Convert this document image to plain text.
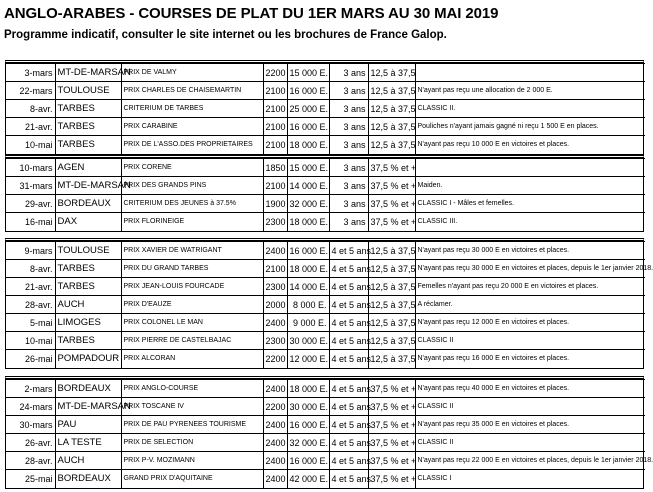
ANGLO-ARABES - COURSES DE PLAT DU 1ER MARS AU 30 MAI 2019
Programme indicatif, consulter le site internet ou les brochures de France Galop.
3-mars	MT-DE-MARSAN	PRIX DE VALMY	2200	15 000 E.	3 ans	12,5 à 37,5	
22-mars	TOULOUSE	PRIX CHARLES DE CHAISEMARTIN	2100	16 000 E.	3 ans	12,5 à 37,5	N'ayant pas reçu une allocation de 2 000 E.
8-avr.	TARBES	CRITERIUM DE TARBES	2100	25 000 E.	3 ans	12,5 à 37,5	CLASSIC II.
21-avr.	TARBES	PRIX CARABINE	2100	16 000 E.	3 ans	12,5 à 37,5	Pouliches n'ayant jamais gagné ni reçu 1 500 E en places.
10-mai	TARBES	PRIX DE L'ASSO.DES PROPRIETAIRES	2100	18 000 E.	3 ans	12,5 à 37,5	N'ayant pas reçu 10 000 E en victoires et places.
10-mars	AGEN	PRIX CORENE	1850	15 000 E.	3 ans	37,5 % et +	
31-mars	MT-DE-MARSAN	PRIX DES GRANDS PINS	2100	14 000 E.	3 ans	37,5 % et +	Maiden.
29-avr.	BORDEAUX	CRITERIUM DES JEUNES à 37.5%	1900	32 000 E.	3 ans	37,5 % et +	CLASSIC I - Mâles et femelles.
16-mai	DAX	PRIX FLORINEIGE	2300	18 000 E.	3 ans	37,5 % et +	CLASSIC III.
9-mars	TOULOUSE	PRIX XAVIER DE WATRIGANT	2400	16 000 E.	4 et 5 ans	12,5 à 37,5	N'ayant pas reçu 30 000 E en victoires et places.
8-avr.	TARBES	PRIX DU GRAND TARBES	2100	18 000 E.	4 et 5 ans	12,5 à 37,5	N'ayant pas reçu 30 000 E en victoires et places, depuis le 1er janvier 2018.
21-avr.	TARBES	PRIX JEAN-LOUIS FOURCADE	2300	14 000 E.	4 et 5 ans	12,5 à 37,5	Femelles n'ayant pas reçu 20 000 E en victoires et places.
28-avr.	AUCH	PRIX D'EAUZE	2000	8 000 E.	4 et 5 ans	12,5 à 37,5	A réclamer.
5-mai	LIMOGES	PRIX COLONEL LE MAN	2400	9 000 E.	4 et 5 ans	12,5 à 37,5	N'ayant pas reçu 12 000 E en victoires et places.
10-mai	TARBES	PRIX PIERRE DE CASTELBAJAC	2300	30 000 E.	4 et 5 ans	12,5 à 37,5	CLASSIC II
26-mai	POMPADOUR	PRIX ALCORAN	2200	12 000 E.	4 et 5 ans	12,5 à 37,5	N'ayant pas reçu 16 000 E en victoires et places.
2-mars	BORDEAUX	PRIX ANGLO-COURSE	2400	18 000 E.	4 et 5 ans	37,5 % et +	N'ayant pas reçu 40 000 E en victoires et places.
24-mars	MT-DE-MARSAN	PRIX TOSCANE IV	2200	30 000 E.	4 et 5 ans	37,5 % et +	CLASSIC II
30-mars	PAU	PRIX DE PAU PYRENEES TOURISME	2400	16 000 E.	4 et 5 ans	37,5 % et +	N'ayant pas reçu 35 000 E en victoires et places.
26-avr.	LA TESTE	PRIX DE SELECTION	2400	32 000 E.	4 et 5 ans	37,5 % et +	CLASSIC II
28-avr.	AUCH	PRIX P-V. MOZIMANN	2400	16 000 E.	4 et 5 ans	37,5 % et +	N'ayant pas reçu 22 000 E en victoires et places, depuis le 1er janvier 2018.
25-mai	BORDEAUX	GRAND PRIX D'AQUITAINE	2400	42 000 E.	4 et 5 ans	37,5 % et +	CLASSIC I
